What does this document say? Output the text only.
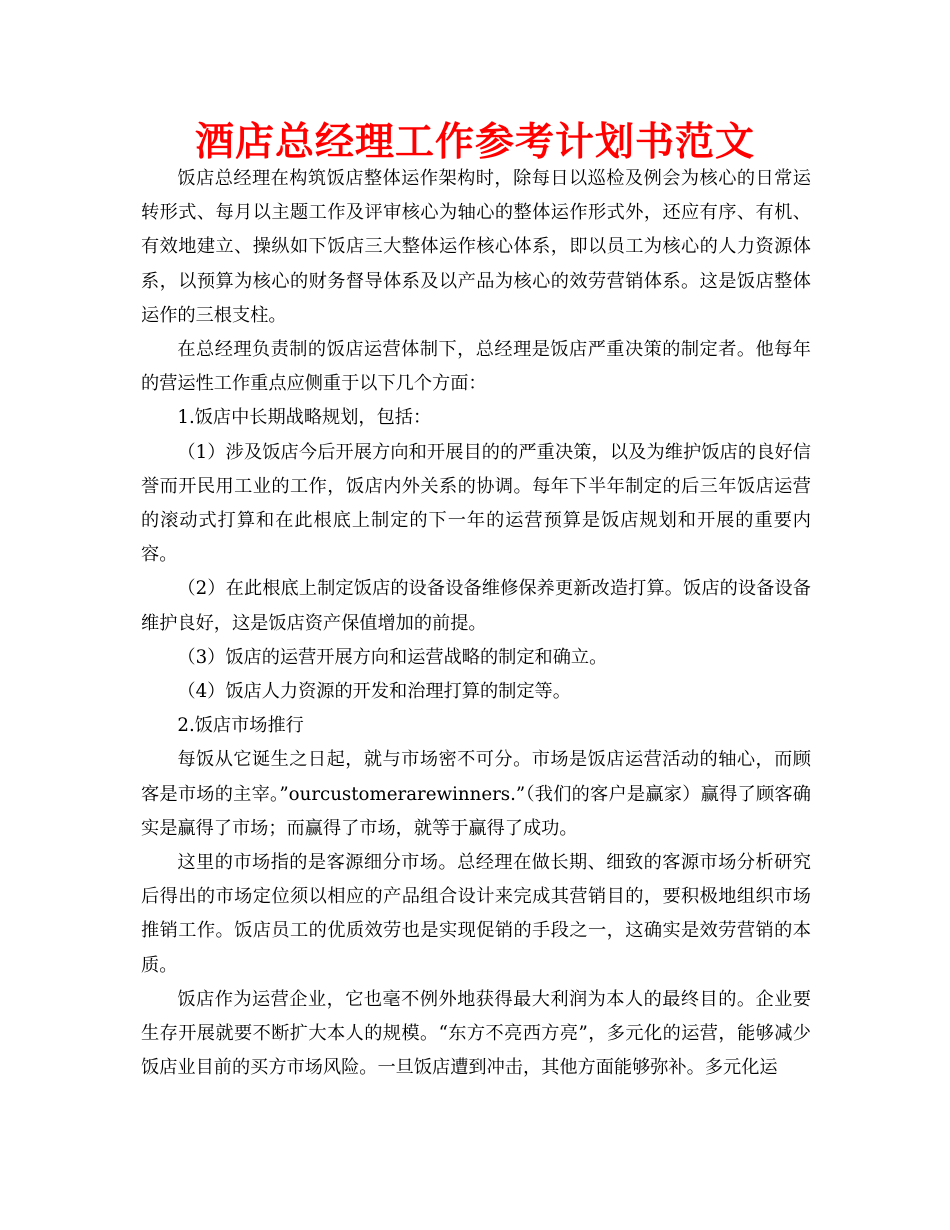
酒店总经理工作参考计划书范文

饭店总经理在构筑饭店整体运作架构时，除每日以巡检及例会为核心的日常运转形式、每月以主题工作及评审核心为轴心的整体运作形式外，还应有序、有机、有效地建立、操纵如下饭店三大整体运作核心体系，即以员工为核心的人力资源体系，以预算为核心的财务督导体系及以产品为核心的效劳营销体系。这是饭店整体运作的三根支柱。

在总经理负责制的饭店运营体制下，总经理是饭店严重决策的制定者。他每年的营运性工作重点应侧重于以下几个方面：

1.饭店中长期战略规划，包括：

（1）涉及饭店今后开展方向和开展目的的严重决策，以及为维护饭店的良好信誉而开民用工业的工作，饭店内外关系的协调。每年下半年制定的后三年饭店运营的滚动式打算和在此根底上制定的下一年的运营预算是饭店规划和开展的重要内容。

（2）在此根底上制定饭店的设备设备维修保养更新改造打算。饭店的设备设备维护良好，这是饭店资产保值增加的前提。

（3）饭店的运营开展方向和运营战略的制定和确立。

（4）饭店人力资源的开发和治理打算的制定等。

2.饭店市场推行

每饭从它诞生之日起，就与市场密不可分。市场是饭店运营活动的轴心，而顾客是市场的主宰。”ourcustomerarewinners.”（我们的客户是赢家）赢得了顾客确实是赢得了市场；而赢得了市场，就等于赢得了成功。

这里的市场指的是客源细分市场。总经理在做长期、细致的客源市场分析研究后得出的市场定位须以相应的产品组合设计来完成其营销目的，要积极地组织市场推销工作。饭店员工的优质效劳也是实现促销的手段之一，这确实是效劳营销的本质。

饭店作为运营企业，它也毫不例外地获得最大利润为本人的最终目的。企业要生存开展就要不断扩大本人的规模。“东方不亮西方亮”，多元化的运营，能够减少饭店业目前的买方市场风险。一旦饭店遭到冲击，其他方面能够弥补。多元化运
